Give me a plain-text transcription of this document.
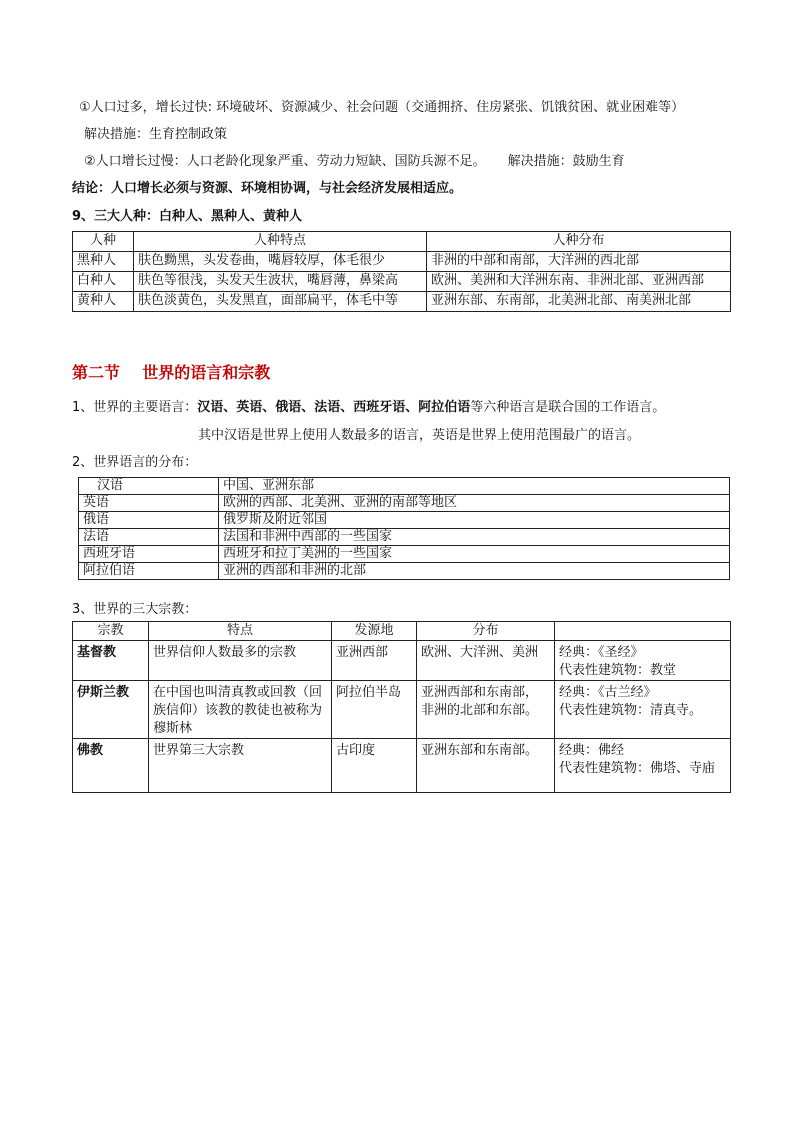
①人口过多，增长过快: 环境破坏、资源减少、社会问题（交通拥挤、住房紧张、饥饿贫困、就业困难等）
解决措施：生育控制政策
②人口增长过慢：人口老龄化现象严重、劳动力短缺、国防兵源不足。 解决措施：鼓励生育
结论：人口增长必须与资源、环境相协调，与社会经济发展相适应。
9、三大人种：白种人、黑种人、黄种人
人种	人种特点	人种分布
黑种人	肤色黝黑，头发卷曲，嘴唇较厚，体毛很少	非洲的中部和南部，大洋洲的西北部
白种人	肤色等很浅，头发天生波状，嘴唇薄，鼻梁高	欧洲、美洲和大洋洲东南、非洲北部、亚洲西部
黄种人	肤色淡黄色，头发黑直，面部扁平，体毛中等	亚洲东部、东南部，北美洲北部、南美洲北部
第二节    世界的语言和宗教
1、世界的主要语言：汉语、英语、俄语、法语、西班牙语、阿拉伯语等六种语言是联合国的工作语言。
其中汉语是世界上使用人数最多的语言，英语是世界上使用范围最广的语言。
2、世界语言的分布：
汉语	中国、亚洲东部
英语	欧洲的西部、北美洲、亚洲的南部等地区
俄语	俄罗斯及附近邻国
法语	法国和非洲中西部的一些国家
西班牙语	西班牙和拉丁美洲的一些国家
阿拉伯语	亚洲的西部和非洲的北部
3、世界的三大宗教：
宗教	特点	发源地	分布	
基督教	世界信仰人数最多的宗教	亚洲西部	欧洲、大洋洲、美洲	经典：《圣经》
代表性建筑物：教堂

伊斯兰教	在中国也叫清真教或回教（回族信仰）该教的教徒也被称为穆斯林	阿拉伯半岛	亚洲西部和东南部，非洲的北部和东部。	经典：《古兰经》
代表性建筑物：清真寺。

佛教	世界第三大宗教	古印度	亚洲东部和东南部。	经典：佛经
代表性建筑物：佛塔、寺庙
